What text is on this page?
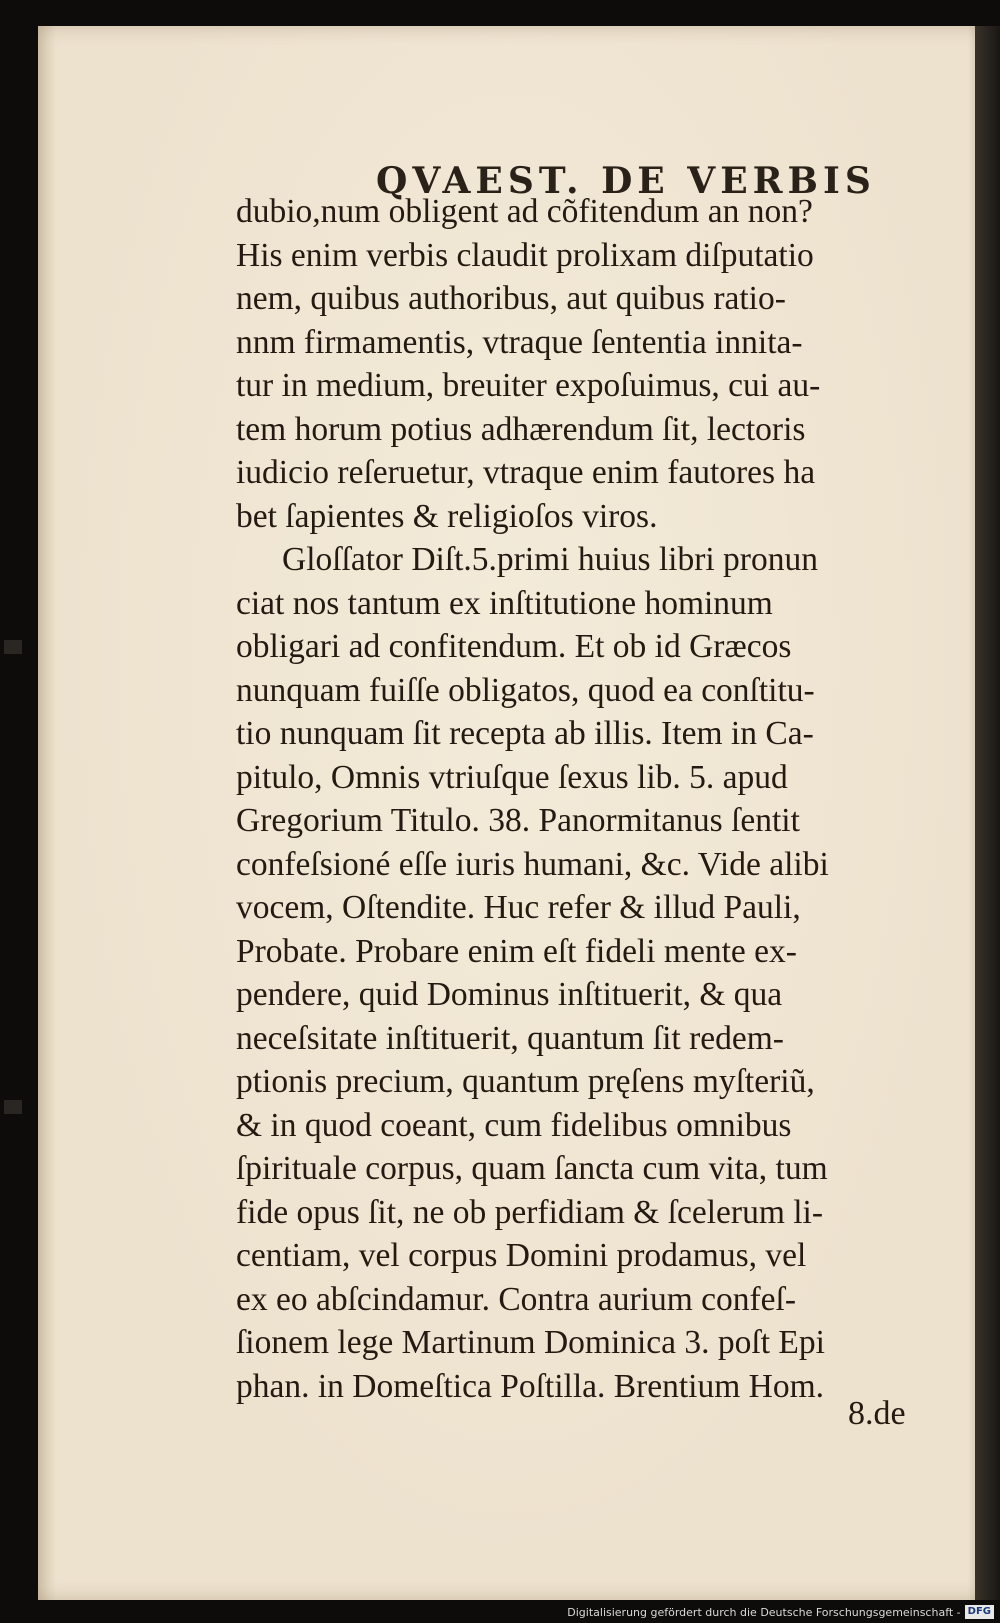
QVAEST. DE VERBIS
dubio,num obligent ad cõfitendum an non?
His enim verbis claudit prolixam diſputatio
nem, quibus authoribus, aut quibus ratio-
nnm firmamentis, vtraque ſententia innita-
tur in medium, breuiter expoſuimus, cui au-
tem horum potius adhærendum ſit, lectoris
iudicio reſeruetur, vtraque enim fautores ha
bet ſapientes & religioſos viros.
Gloſſator Diſt.5.primi huius libri pronun
ciat nos tantum ex inſtitutione hominum
obligari ad confitendum. Et ob id Græcos
nunquam fuiſſe obligatos, quod ea conſtitu-
tio nunquam ſit recepta ab illis. Item in Ca-
pitulo, Omnis vtriuſque ſexus lib. 5. apud
Gregorium Titulo. 38. Panormitanus ſentit
confeſsioné eſſe iuris humani, &c. Vide alibi
vocem, Oſtendite. Huc refer & illud Pauli,
Probate. Probare enim eſt fideli mente ex-
pendere, quid Dominus inſtituerit, & qua
neceſsitate inſtituerit, quantum ſit redem-
ptionis precium, quantum pręſens myſteriũ,
& in quod coeant, cum fidelibus omnibus
ſpirituale corpus, quam ſancta cum vita, tum
fide opus ſit, ne ob perfidiam & ſcelerum li-
centiam, vel corpus Domini prodamus, vel
ex eo abſcindamur. Contra aurium confeſ-
ſionem lege Martinum Dominica 3. poſt Epi
phan. in Domeſtica Poſtilla. Brentium Hom.
8.de
Digitalisierung gefördert durch die Deutsche Forschungsgemeinschaft - DFG
